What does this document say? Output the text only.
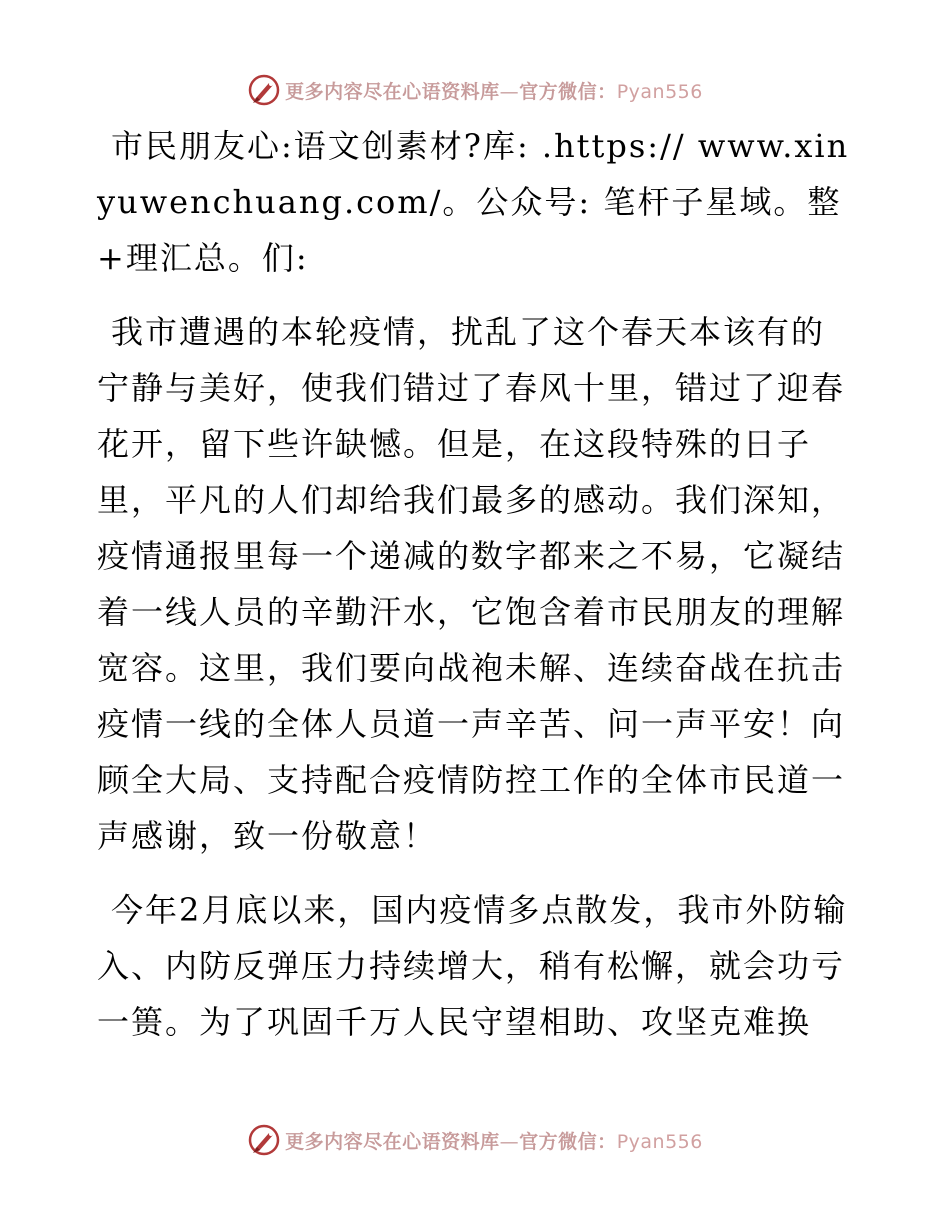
更多内容尽在心语资料库—官方微信：Pyan556

市民朋友心:语文创素材?库: .https:// www.xinyuwenchuang.com/。公众号: 笔杆子星域。整+理汇总。们:

我市遭遇的本轮疫情，扰乱了这个春天本该有的宁静与美好，使我们错过了春风十里，错过了迎春花开，留下些许缺憾。但是，在这段特殊的日子里，平凡的人们却给我们最多的感动。我们深知，疫情通报里每一个递减的数字都来之不易，它凝结着一线人员的辛勤汗水，它饱含着市民朋友的理解宽容。这里，我们要向战袍未解、连续奋战在抗击疫情一线的全体人员道一声辛苦、问一声平安！向顾全大局、支持配合疫情防控工作的全体市民道一声感谢，致一份敬意！

今年2月底以来，国内疫情多点散发，我市外防输入、内防反弹压力持续增大，稍有松懈，就会功亏一篑。为了巩固千万人民守望相助、攻坚克难换

更多内容尽在心语资料库—官方微信：Pyan556
